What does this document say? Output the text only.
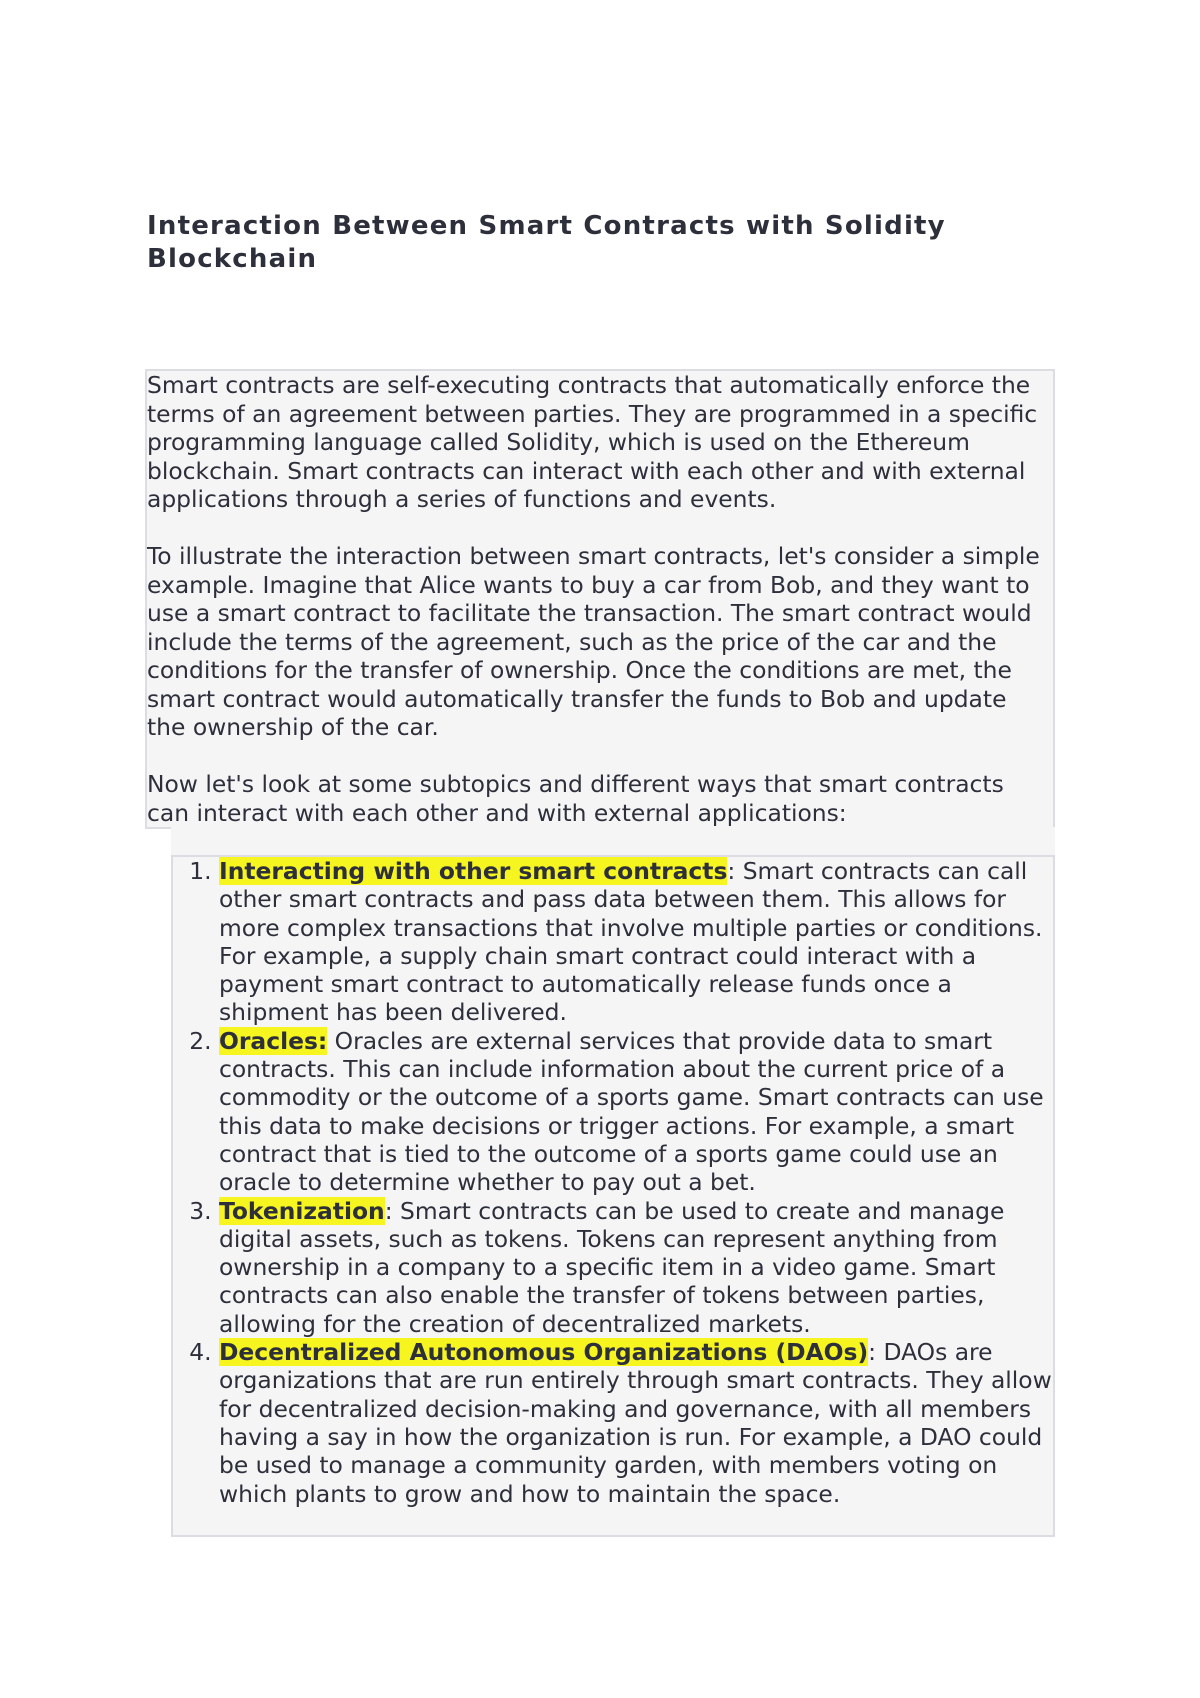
Interaction Between Smart Contracts with Solidity Blockchain

Smart contracts are self-executing contracts that automatically enforce the terms of an agreement between parties. They are programmed in a specific programming language called Solidity, which is used on the Ethereum blockchain. Smart contracts can interact with each other and with external applications through a series of functions and events.

To illustrate the interaction between smart contracts, let's consider a simple example. Imagine that Alice wants to buy a car from Bob, and they want to use a smart contract to facilitate the transaction. The smart contract would include the terms of the agreement, such as the price of the car and the conditions for the transfer of ownership. Once the conditions are met, the smart contract would automatically transfer the funds to Bob and update the ownership of the car.

Now let's look at some subtopics and different ways that smart contracts can interact with each other and with external applications:

1. Interacting with other smart contracts: Smart contracts can call other smart contracts and pass data between them. This allows for more complex transactions that involve multiple parties or conditions. For example, a supply chain smart contract could interact with a payment smart contract to automatically release funds once a shipment has been delivered.
2. Oracles: Oracles are external services that provide data to smart contracts. This can include information about the current price of a commodity or the outcome of a sports game. Smart contracts can use this data to make decisions or trigger actions. For example, a smart contract that is tied to the outcome of a sports game could use an oracle to determine whether to pay out a bet.
3. Tokenization: Smart contracts can be used to create and manage digital assets, such as tokens. Tokens can represent anything from ownership in a company to a specific item in a video game. Smart contracts can also enable the transfer of tokens between parties, allowing for the creation of decentralized markets.
4. Decentralized Autonomous Organizations (DAOs): DAOs are organizations that are run entirely through smart contracts. They allow for decentralized decision-making and governance, with all members having a say in how the organization is run. For example, a DAO could be used to manage a community garden, with members voting on which plants to grow and how to maintain the space.
